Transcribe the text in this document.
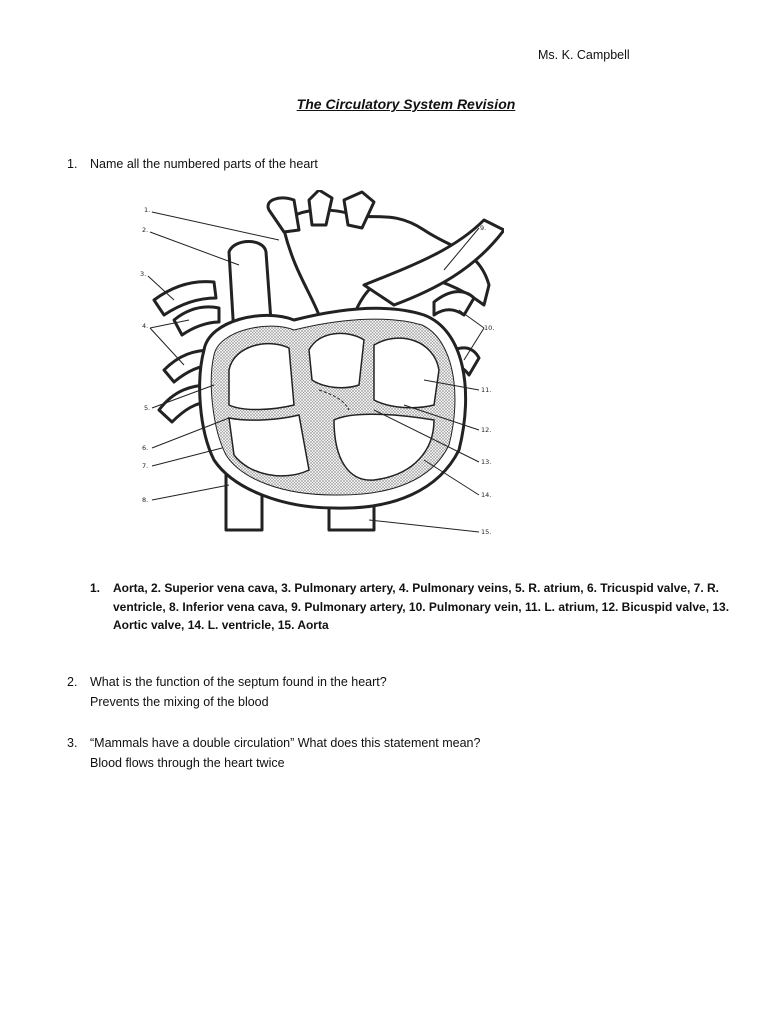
Ms. K. Campbell
The Circulatory System Revision
1.	Name all the numbered parts of the heart
1.
2.
3.
4.
5.
6.
7.
8.
9.
10.
11.
12.
13.
14.
15.
1. Aorta, 2. Superior vena cava, 3. Pulmonary artery, 4. Pulmonary veins, 5. R. atrium, 6. Tricuspid valve, 7. R. ventricle, 8. Inferior vena cava, 9. Pulmonary artery, 10. Pulmonary vein, 11. L. atrium, 12. Bicuspid valve, 13. Aortic valve, 14. L. ventricle, 15. Aorta
2.	What is the function of the septum found in the heart?
Prevents the mixing of the blood
3.	“Mammals have a double circulation” What does this statement mean?
Blood flows through the heart twice
